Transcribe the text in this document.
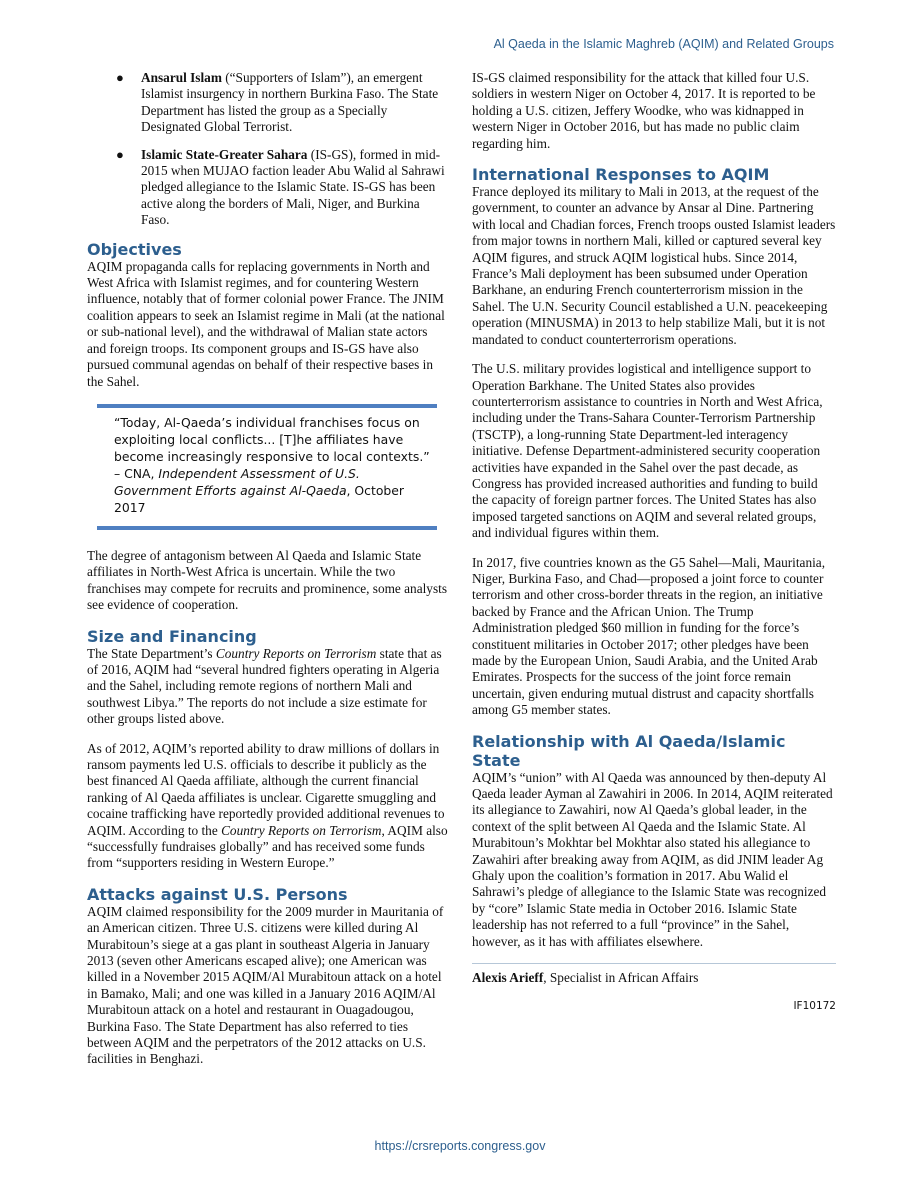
Al Qaeda in the Islamic Maghreb (AQIM) and Related Groups
● Ansarul Islam (“Supporters of Islam”), an emergent Islamist insurgency in northern Burkina Faso. The State Department has listed the group as a Specially Designated Global Terrorist.
● Islamic State-Greater Sahara (IS-GS), formed in mid-2015 when MUJAO faction leader Abu Walid al Sahrawi pledged allegiance to the Islamic State. IS-GS has been active along the borders of Mali, Niger, and Burkina Faso.
Objectives

AQIM propaganda calls for replacing governments in North and West Africa with Islamist regimes, and for countering Western influence, notably that of former colonial power France. The JNIM coalition appears to seek an Islamist regime in Mali (at the national or sub-national level), and the withdrawal of Malian state actors and foreign troops. Its component groups and IS-GS have also pursued communal agendas on behalf of their respective bases in the Sahel.

“Today, Al-Qaeda’s individual franchises focus on exploiting local conflicts... [T]he affiliates have become increasingly responsive to local contexts.” – CNA, Independent Assessment of U.S. Government Efforts against Al-Qaeda, October 2017

The degree of antagonism between Al Qaeda and Islamic State affiliates in North-West Africa is uncertain. While the two franchises may compete for recruits and prominence, some analysts see evidence of cooperation.

Size and Financing

The State Department’s Country Reports on Terrorism state that as of 2016, AQIM had “several hundred fighters operating in Algeria and the Sahel, including remote regions of northern Mali and southwest Libya.” The reports do not include a size estimate for other groups listed above.

As of 2012, AQIM’s reported ability to draw millions of dollars in ransom payments led U.S. officials to describe it publicly as the best financed Al Qaeda affiliate, although the current financial ranking of Al Qaeda affiliates is unclear. Cigarette smuggling and cocaine trafficking have reportedly provided additional revenues to AQIM. According to the Country Reports on Terrorism, AQIM also “successfully fundraises globally” and has received some funds from “supporters residing in Western Europe.”

Attacks against U.S. Persons

AQIM claimed responsibility for the 2009 murder in Mauritania of an American citizen. Three U.S. citizens were killed during Al Murabitoun’s siege at a gas plant in southeast Algeria in January 2013 (seven other Americans escaped alive); one American was killed in a November 2015 AQIM/Al Murabitoun attack on a hotel in Bamako, Mali; and one was killed in a January 2016 AQIM/Al Murabitoun attack on a hotel and restaurant in Ouagadougou, Burkina Faso. The State Department has also referred to ties between AQIM and the perpetrators of the 2012 attacks on U.S. facilities in Benghazi.

IS-GS claimed responsibility for the attack that killed four U.S. soldiers in western Niger on October 4, 2017. It is reported to be holding a U.S. citizen, Jeffery Woodke, who was kidnapped in western Niger in October 2016, but has made no public claim regarding him.

International Responses to AQIM

France deployed its military to Mali in 2013, at the request of the government, to counter an advance by Ansar al Dine. Partnering with local and Chadian forces, French troops ousted Islamist leaders from major towns in northern Mali, killed or captured several key AQIM figures, and struck AQIM logistical hubs. Since 2014, France’s Mali deployment has been subsumed under Operation Barkhane, an enduring French counterterrorism mission in the Sahel. The U.N. Security Council established a U.N. peacekeeping operation (MINUSMA) in 2013 to help stabilize Mali, but it is not mandated to conduct counterterrorism operations.

The U.S. military provides logistical and intelligence support to Operation Barkhane. The United States also provides counterterrorism assistance to countries in North and West Africa, including under the Trans-Sahara Counter-Terrorism Partnership (TSCTP), a long-running State Department-led interagency initiative. Defense Department-administered security cooperation activities have expanded in the Sahel over the past decade, as Congress has provided increased authorities and funding to build the capacity of foreign partner forces. The United States has also imposed targeted sanctions on AQIM and several related groups, and individual figures within them.

In 2017, five countries known as the G5 Sahel—Mali, Mauritania, Niger, Burkina Faso, and Chad—proposed a joint force to counter terrorism and other cross-border threats in the region, an initiative backed by France and the African Union. The Trump Administration pledged $60 million in funding for the force’s constituent militaries in October 2017; other pledges have been made by the European Union, Saudi Arabia, and the United Arab Emirates. Prospects for the success of the joint force remain uncertain, given enduring mutual distrust and capacity shortfalls among G5 member states.

Relationship with Al Qaeda/Islamic State

AQIM’s “union” with Al Qaeda was announced by then-deputy Al Qaeda leader Ayman al Zawahiri in 2006. In 2014, AQIM reiterated its allegiance to Zawahiri, now Al Qaeda’s global leader, in the context of the split between Al Qaeda and the Islamic State. Al Murabitoun’s Mokhtar bel Mokhtar also stated his allegiance to Zawahiri after breaking away from AQIM, as did JNIM leader Ag Ghaly upon the coalition’s formation in 2017. Abu Walid el Sahrawi’s pledge of allegiance to the Islamic State was recognized by “core” Islamic State media in October 2016. Islamic State leadership has not referred to a full “province” in the Sahel, however, as it has with affiliates elsewhere.

Alexis Arieff, Specialist in African Affairs
IF10172
https://crsreports.congress.gov
